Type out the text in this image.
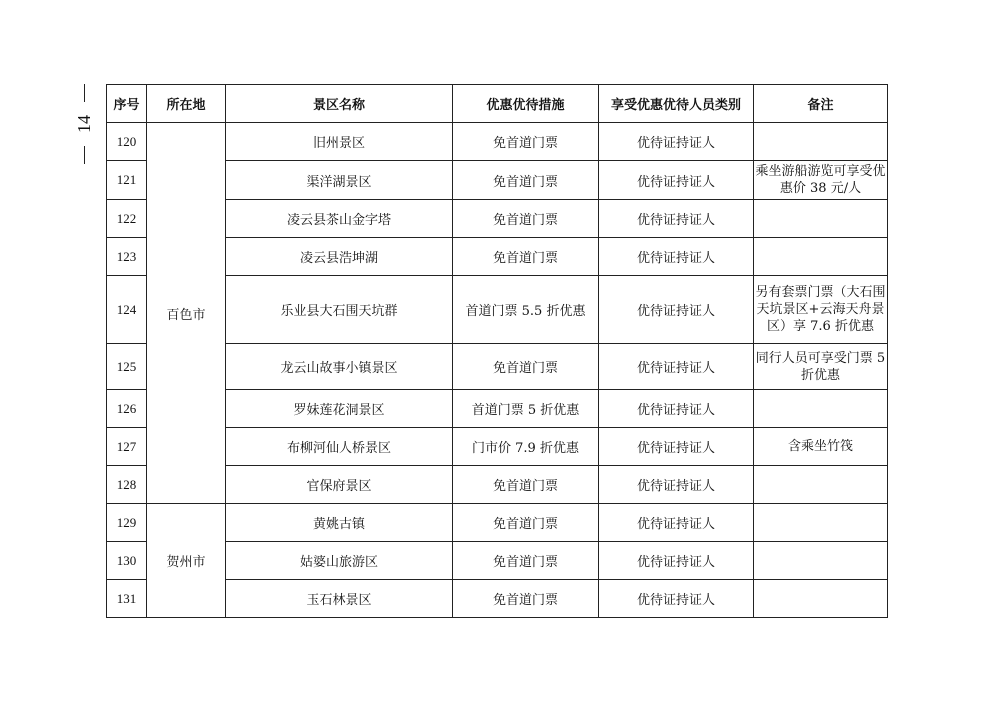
14
序号	所在地	景区名称	优惠优待措施	享受优惠优待人员类别	备注
120	百色市	旧州景区	免首道门票	优待证持证人	
121		渠洋湖景区	免首道门票	优待证持证人	乘坐游船游览可享受优惠价 38 元/人
122		凌云县茶山金字塔	免首道门票	优待证持证人	
123		凌云县浩坤湖	免首道门票	优待证持证人	
124		乐业县大石围天坑群	首道门票 5.5 折优惠	优待证持证人	另有套票门票（大石围天坑景区+云海天舟景区）享 7.6 折优惠
125		龙云山故事小镇景区	免首道门票	优待证持证人	同行人员可享受门票 5 折优惠
126		罗妹莲花洞景区	首道门票 5 折优惠	优待证持证人	
127		布柳河仙人桥景区	门市价 7.9 折优惠	优待证持证人	含乘坐竹筏
128		官保府景区	免首道门票	优待证持证人	
129	贺州市	黄姚古镇	免首道门票	优待证持证人	
130		姑婆山旅游区	免首道门票	优待证持证人	
131		玉石林景区	免首道门票	优待证持证人	
